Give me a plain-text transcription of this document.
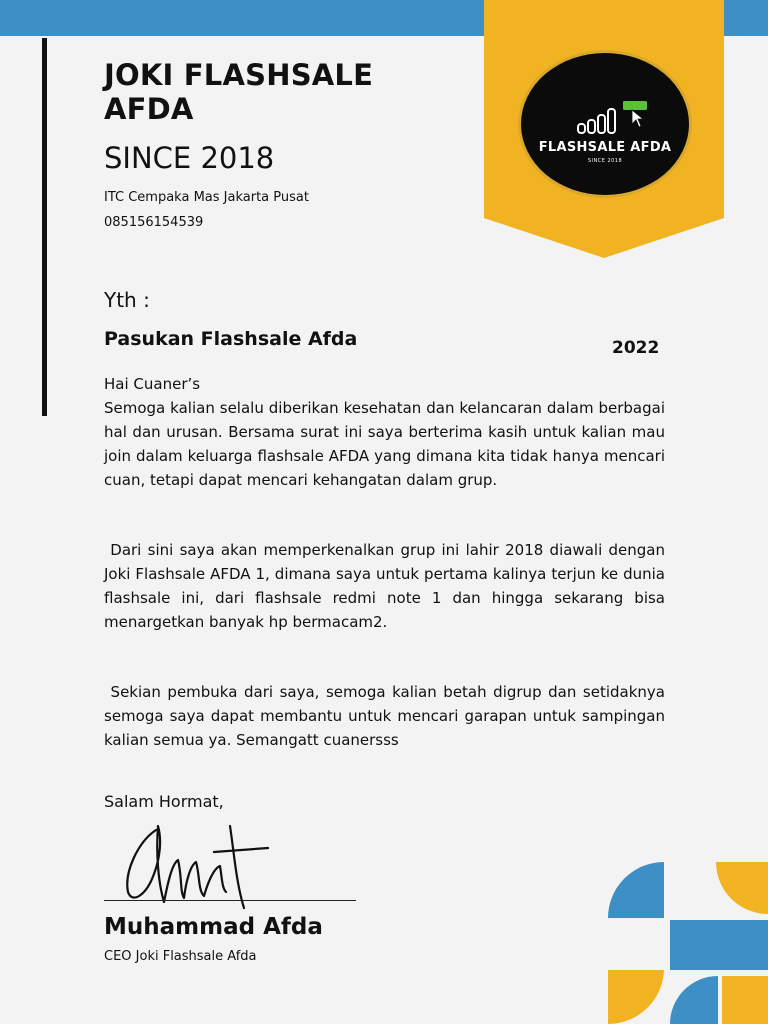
FLASHSALE AFDA
SINCE 2018
JOKI FLASHSALE AFDA
SINCE 2018
ITC Cempaka Mas Jakarta Pusat
085156154539
Yth :
Pasukan Flashsale Afda	2022
Hai Cuaner’s
Semoga kalian selalu diberikan kesehatan dan kelancaran dalam berbagai hal dan urusan. Bersama surat ini saya berterima kasih untuk kalian mau join dalam keluarga flashsale AFDA yang dimana kita tidak hanya mencari cuan, tetapi dapat mencari kehangatan dalam grup.
Dari sini saya akan memperkenalkan grup ini lahir 2018 diawali dengan Joki Flashsale AFDA 1, dimana saya untuk pertama kalinya terjun ke dunia flashsale ini, dari flashsale redmi note 1 dan hingga sekarang bisa menargetkan banyak hp bermacam2.
Sekian pembuka dari saya, semoga kalian betah digrup dan setidaknya semoga saya dapat membantu untuk mencari garapan untuk sampingan kalian semua ya. Semangatt cuanersss
Salam Hormat,
Muhammad Afda
CEO Joki Flashsale Afda
